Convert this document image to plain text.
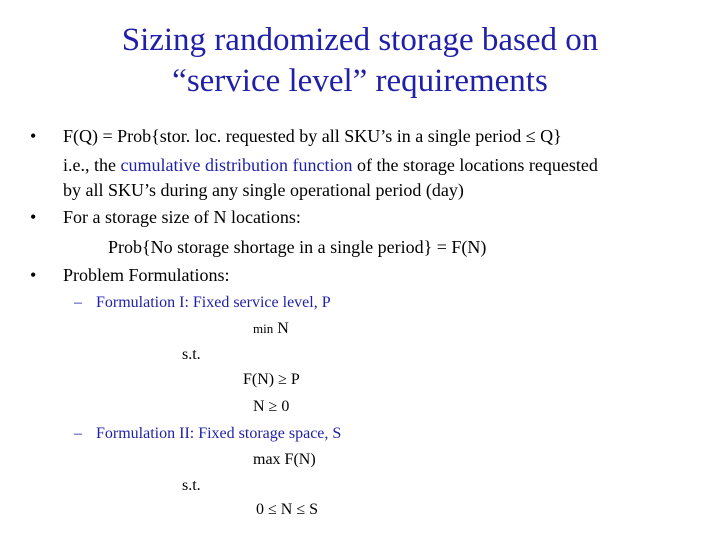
Sizing randomized storage based on
“service level” requirements
• F(Q) = Prob{stor. loc. requested by all SKU’s in a single period ≤ Q}
i.e., the cumulative distribution function of the storage locations requested
by all SKU’s during any single operational period (day)
• For a storage size of N locations:
Prob{No storage shortage in a single period} = F(N)
• Problem Formulations:
– Formulation I: Fixed service level, P
min N
s.t.
F(N) ≥ P
N ≥ 0
– Formulation II: Fixed storage space, S
max F(N)
s.t.
0 ≤ N ≤ S
